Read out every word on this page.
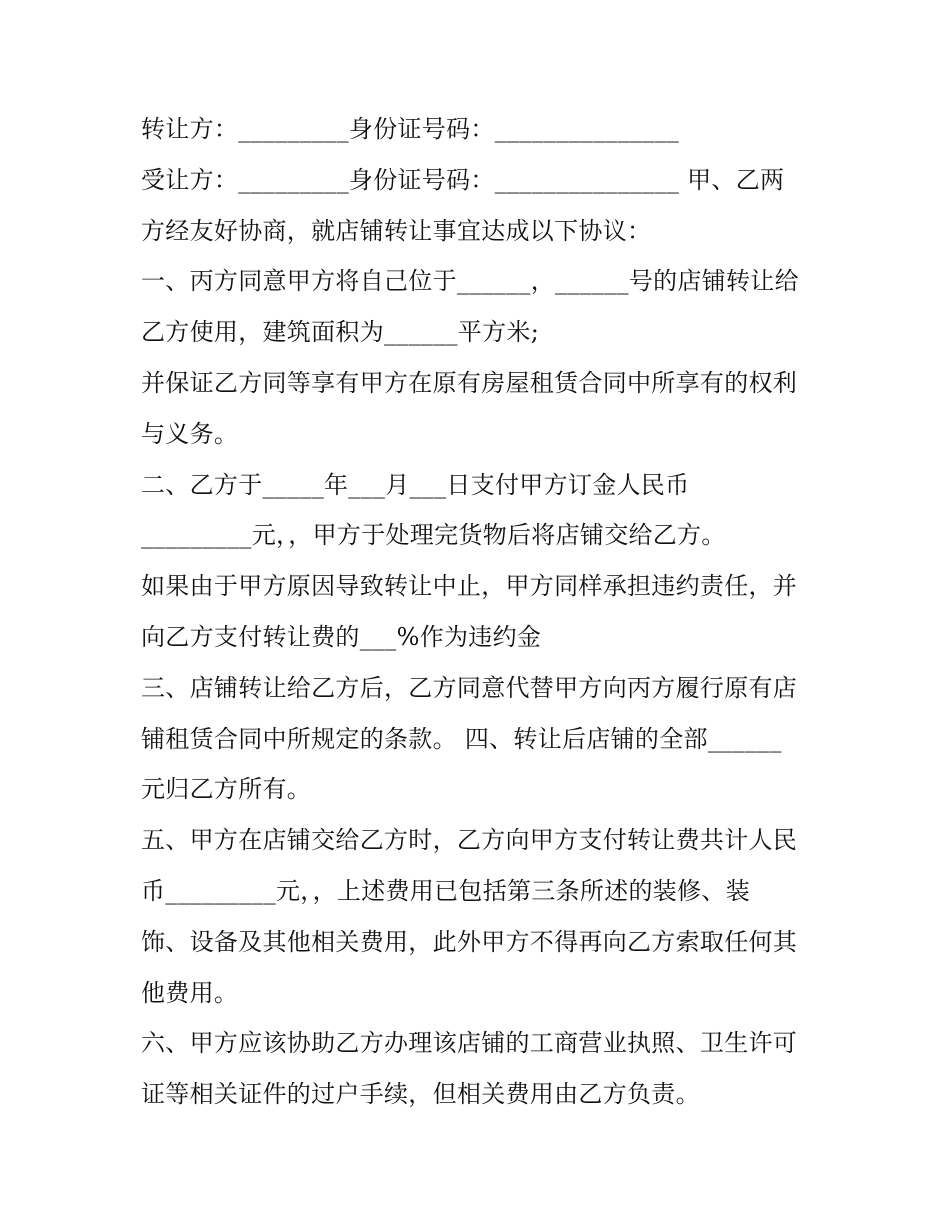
转让方：_________身份证号码：_______________
受让方：_________身份证号码：_______________ 甲、乙两
方经友好协商，就店铺转让事宜达成以下协议：
一、丙方同意甲方将自己位于______，______号的店铺转让给
乙方使用，建筑面积为______平方米;
并保证乙方同等享有甲方在原有房屋租赁合同中所享有的权利
与义务。
二、乙方于_____年___月___日支付甲方订金人民币
_________元，，甲方于处理完货物后将店铺交给乙方。
如果由于甲方原因导致转让中止，甲方同样承担违约责任，并
向乙方支付转让费的___%作为违约金
三、店铺转让给乙方后，乙方同意代替甲方向丙方履行原有店
铺租赁合同中所规定的条款。 四、转让后店铺的全部______
元归乙方所有。
五、甲方在店铺交给乙方时，乙方向甲方支付转让费共计人民
币_________元，，上述费用已包括第三条所述的装修、装
饰、设备及其他相关费用，此外甲方不得再向乙方索取任何其
他费用。
六、甲方应该协助乙方办理该店铺的工商营业执照、卫生许可
证等相关证件的过户手续，但相关费用由乙方负责。
